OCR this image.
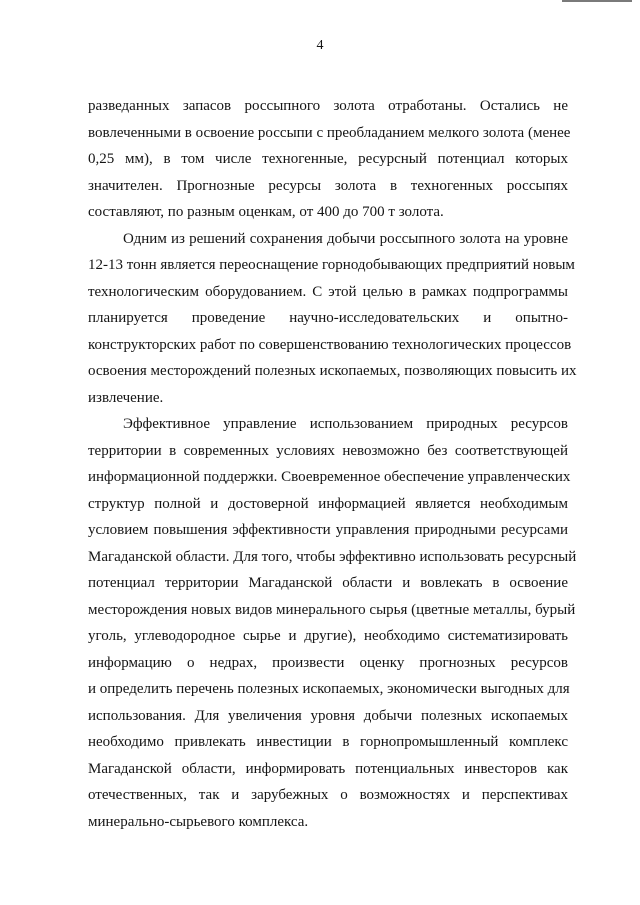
4
разведанных запасов россыпного золота отработаны. Остались не
вовлеченными в освоение россыпи с преобладанием мелкого золота (менее
0,25 мм), в том числе техногенные, ресурсный потенциал которых
значителен. Прогнозные ресурсы золота в техногенных россыпях
составляют, по разным оценкам, от 400 до 700 т золота.
Одним из решений сохранения добычи россыпного золота на уровне
12-13 тонн является переоснащение горнодобывающих предприятий новым
технологическим оборудованием. С этой целью в рамках подпрограммы
планируется проведение научно-исследовательских и опытно-
конструкторских работ по совершенствованию технологических процессов
освоения месторождений полезных ископаемых, позволяющих повысить их
извлечение.
Эффективное управление использованием природных ресурсов
территории в современных условиях невозможно без соответствующей
информационной поддержки. Своевременное обеспечение управленческих
структур полной и достоверной информацией является необходимым
условием повышения эффективности управления природными ресурсами
Магаданской области. Для того, чтобы эффективно использовать ресурсный
потенциал территории Магаданской области и вовлекать в освоение
месторождения новых видов минерального сырья (цветные металлы, бурый
уголь, углеводородное сырье и другие), необходимо систематизировать
информацию о недрах, произвести оценку прогнозных ресурсов
и определить перечень полезных ископаемых, экономически выгодных для
использования. Для увеличения уровня добычи полезных ископаемых
необходимо привлекать инвестиции в горнопромышленный комплекс
Магаданской области, информировать потенциальных инвесторов как
отечественных, так и зарубежных о возможностях и перспективах
минерально-сырьевого комплекса.
